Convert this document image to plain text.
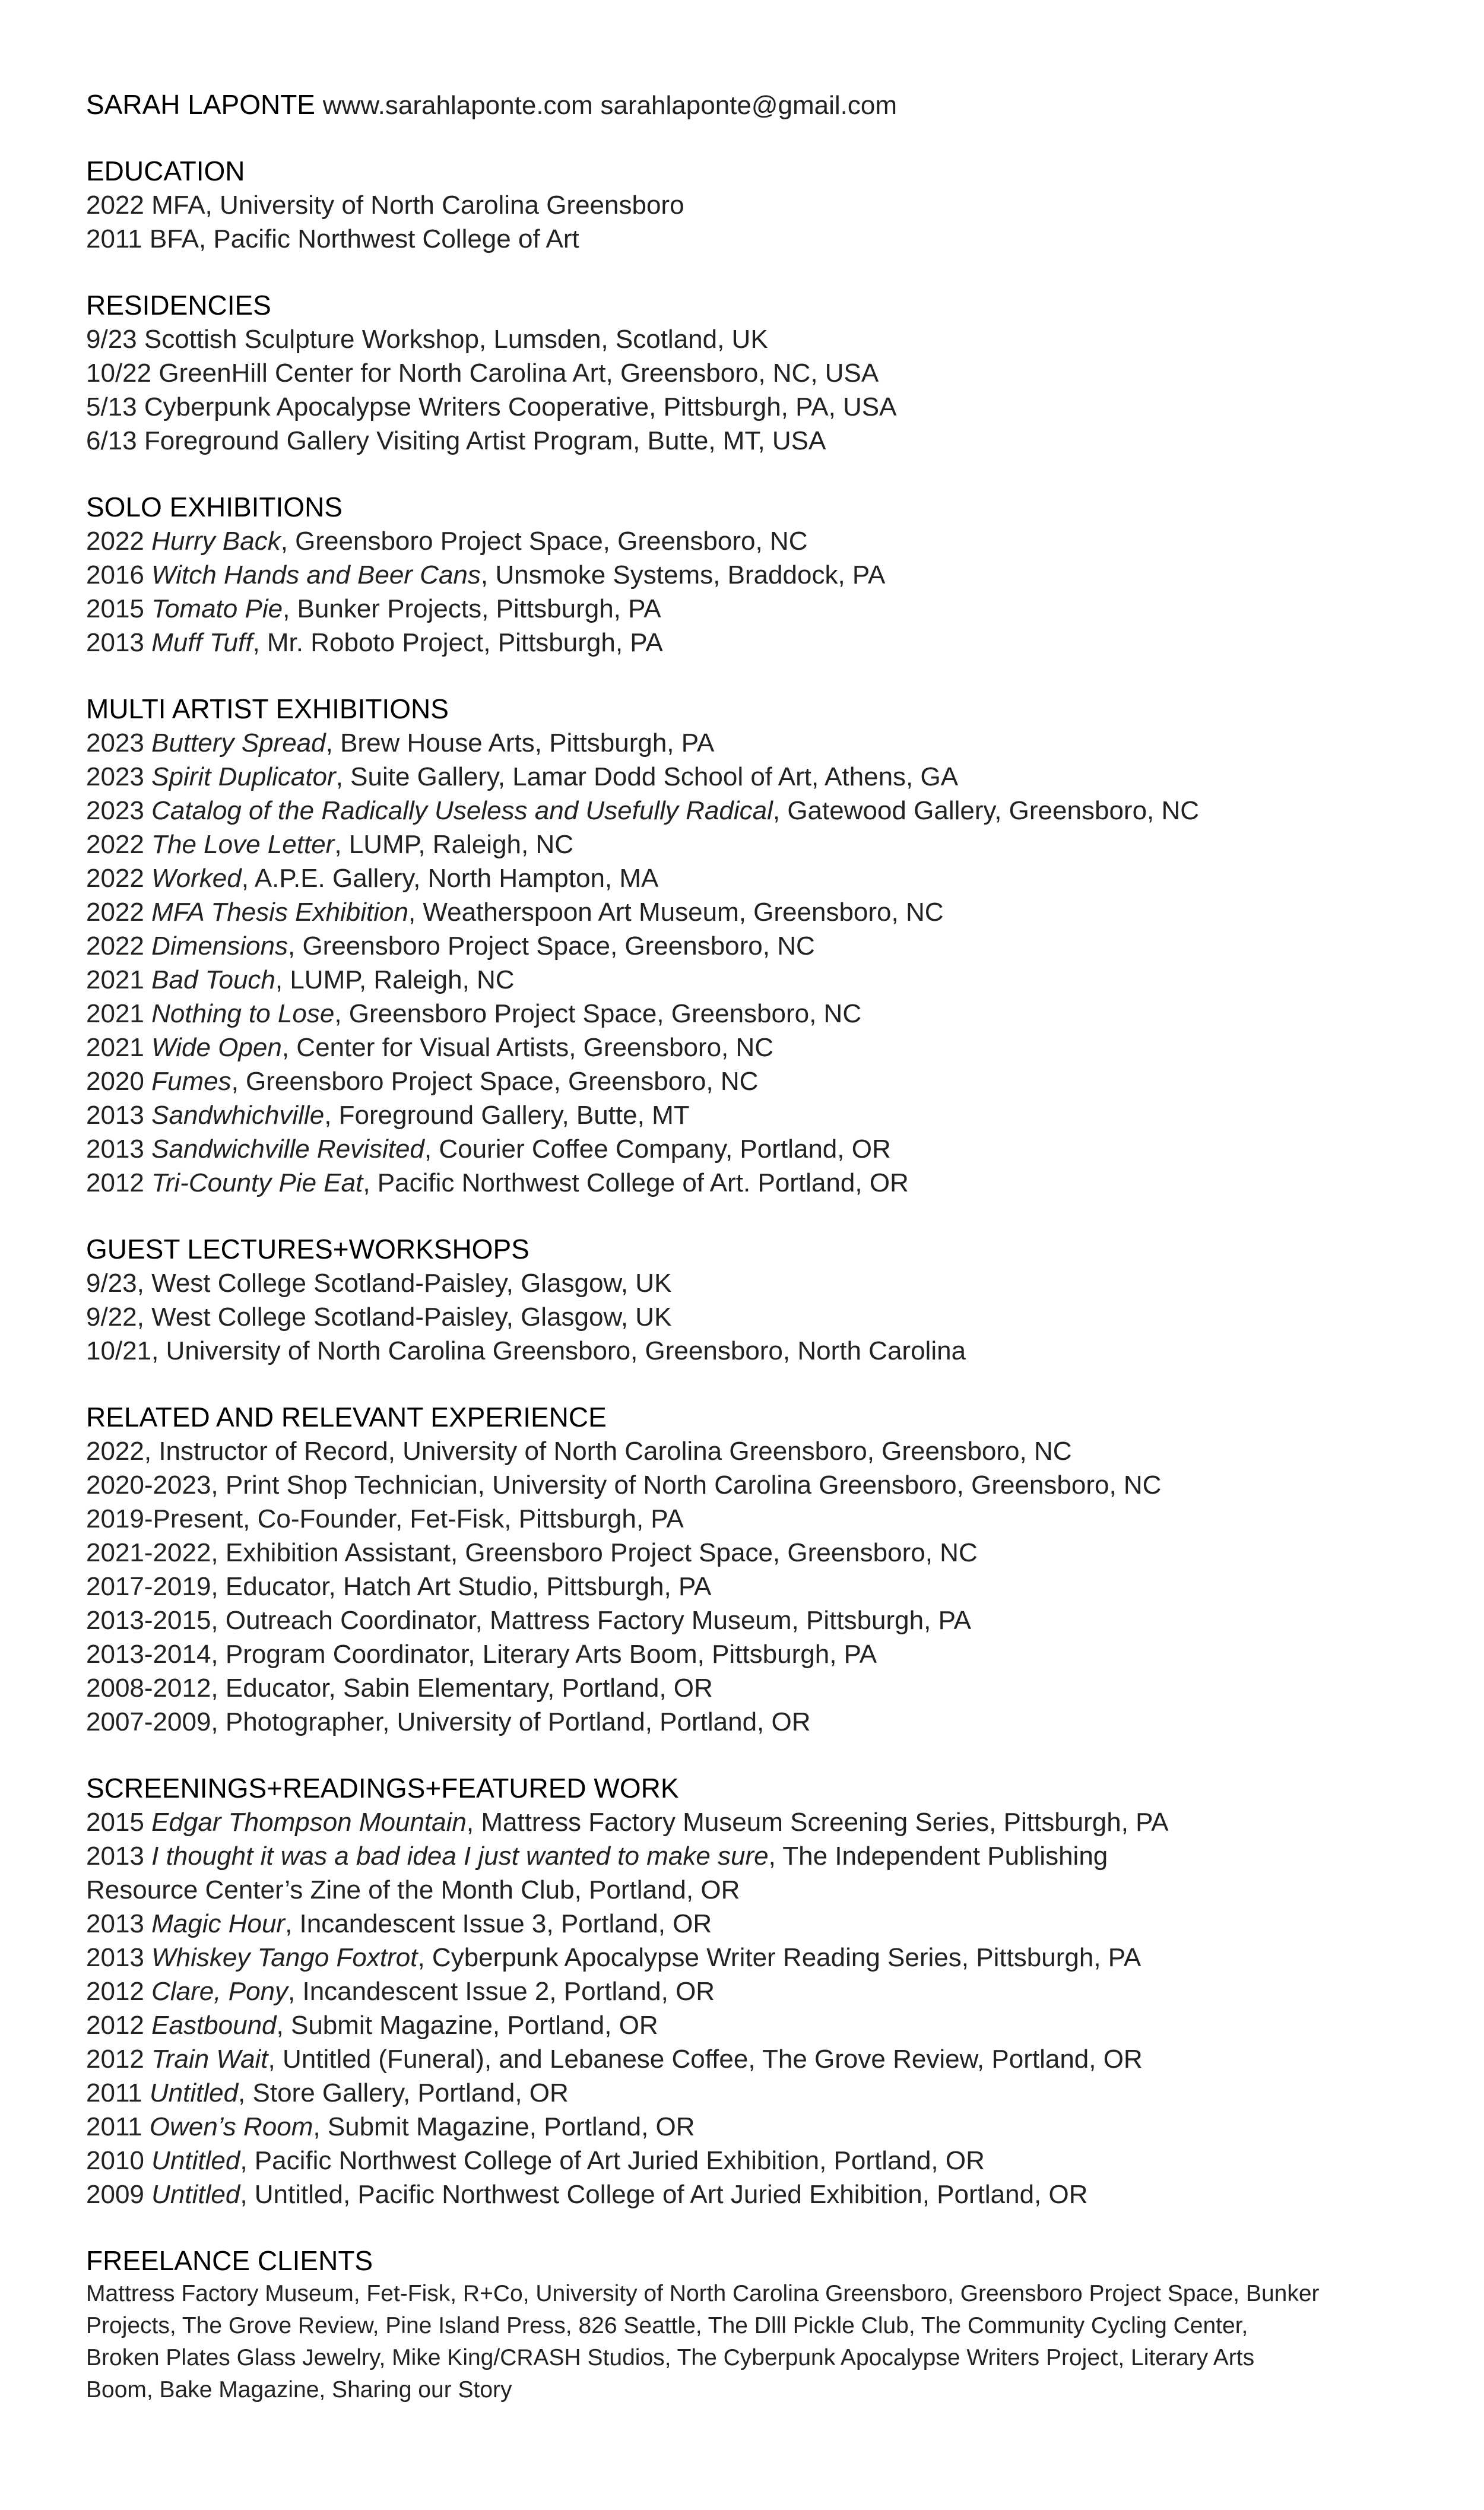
SARAH LAPONTE www.sarahlaponte.com sarahlaponte@gmail.com
EDUCATION
2022 MFA, University of North Carolina Greensboro
2011 BFA, Pacific Northwest College of Art
RESIDENCIES
9/23 Scottish Sculpture Workshop, Lumsden, Scotland, UK
10/22 GreenHill Center for North Carolina Art, Greensboro, NC, USA
5/13 Cyberpunk Apocalypse Writers Cooperative, Pittsburgh, PA, USA
6/13 Foreground Gallery Visiting Artist Program, Butte, MT, USA
SOLO EXHIBITIONS
2022 Hurry Back, Greensboro Project Space, Greensboro, NC
2016 Witch Hands and Beer Cans, Unsmoke Systems, Braddock, PA
2015 Tomato Pie, Bunker Projects, Pittsburgh, PA
2013 Muff Tuff, Mr. Roboto Project, Pittsburgh, PA
MULTI ARTIST EXHIBITIONS
2023 Buttery Spread, Brew House Arts, Pittsburgh, PA
2023 Spirit Duplicator, Suite Gallery, Lamar Dodd School of Art, Athens, GA
2023 Catalog of the Radically Useless and Usefully Radical, Gatewood Gallery, Greensboro, NC
2022 The Love Letter, LUMP, Raleigh, NC
2022 Worked, A.P.E. Gallery, North Hampton, MA
2022 MFA Thesis Exhibition, Weatherspoon Art Museum, Greensboro, NC
2022 Dimensions, Greensboro Project Space, Greensboro, NC
2021 Bad Touch, LUMP, Raleigh, NC
2021 Nothing to Lose, Greensboro Project Space, Greensboro, NC
2021 Wide Open, Center for Visual Artists, Greensboro, NC
2020 Fumes, Greensboro Project Space, Greensboro, NC
2013 Sandwhichville, Foreground Gallery, Butte, MT
2013 Sandwichville Revisited, Courier Coffee Company, Portland, OR
2012 Tri-County Pie Eat, Pacific Northwest College of Art. Portland, OR
GUEST LECTURES+WORKSHOPS
9/23, West College Scotland-Paisley, Glasgow, UK
9/22, West College Scotland-Paisley, Glasgow, UK
10/21, University of North Carolina Greensboro, Greensboro, North Carolina
RELATED AND RELEVANT EXPERIENCE
2022, Instructor of Record, University of North Carolina Greensboro, Greensboro, NC
2020-2023, Print Shop Technician, University of North Carolina Greensboro, Greensboro, NC
2019-Present, Co-Founder, Fet-Fisk, Pittsburgh, PA
2021-2022, Exhibition Assistant, Greensboro Project Space, Greensboro, NC
2017-2019, Educator, Hatch Art Studio, Pittsburgh, PA
2013-2015, Outreach Coordinator, Mattress Factory Museum, Pittsburgh, PA
2013-2014, Program Coordinator, Literary Arts Boom, Pittsburgh, PA
2008-2012, Educator, Sabin Elementary, Portland, OR
2007-2009, Photographer, University of Portland, Portland, OR
SCREENINGS+READINGS+FEATURED WORK
2015 Edgar Thompson Mountain, Mattress Factory Museum Screening Series, Pittsburgh, PA
2013 I thought it was a bad idea I just wanted to make sure, The Independent Publishing
Resource Center’s Zine of the Month Club, Portland, OR
2013 Magic Hour, Incandescent Issue 3, Portland, OR
2013 Whiskey Tango Foxtrot, Cyberpunk Apocalypse Writer Reading Series, Pittsburgh, PA
2012 Clare, Pony, Incandescent Issue 2, Portland, OR
2012 Eastbound, Submit Magazine, Portland, OR
2012 Train Wait, Untitled (Funeral), and Lebanese Coffee, The Grove Review, Portland, OR
2011 Untitled, Store Gallery, Portland, OR
2011 Owen’s Room, Submit Magazine, Portland, OR
2010 Untitled, Pacific Northwest College of Art Juried Exhibition, Portland, OR
2009 Untitled, Untitled, Pacific Northwest College of Art Juried Exhibition, Portland, OR
FREELANCE CLIENTS
Mattress Factory Museum, Fet-Fisk, R+Co, University of North Carolina Greensboro, Greensboro Project Space, Bunker
Projects, The Grove Review, Pine Island Press, 826 Seattle, The Dlll Pickle Club, The Community Cycling Center,
Broken Plates Glass Jewelry, Mike King/CRASH Studios, The Cyberpunk Apocalypse Writers Project, Literary Arts
Boom, Bake Magazine, Sharing our Story
